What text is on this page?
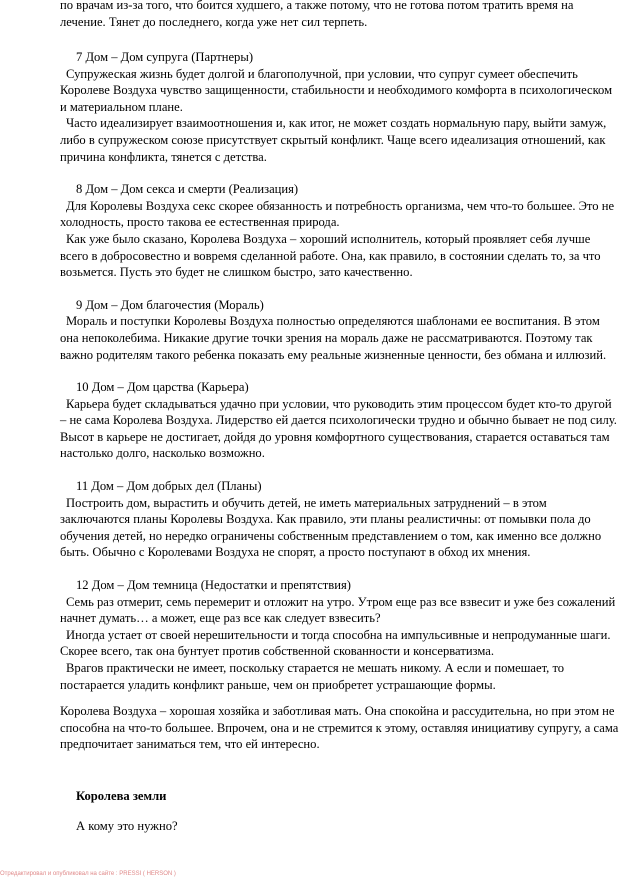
по врачам из-за того, что боится худшего, а также потому, что не готова потом тратить время на
лечение. Тянет до последнего, когда уже нет сил терпеть.

7 Дом – Дом супруга (Партнеры)

Супружеская жизнь будет долгой и благополучной, при условии, что супруг сумеет обеспечить
Королеве Воздуха чувство защищенности, стабильности и необходимого комфорта в психологическом
и материальном плане.

Часто идеализирует взаимоотношения и, как итог, не может создать нормальную пару, выйти замуж,
либо в супружеском союзе присутствует скрытый конфликт. Чаще всего идеализация отношений, как
причина конфликта, тянется с детства.

8 Дом – Дом секса и смерти (Реализация)

Для Королевы Воздуха секс скорее обязанность и потребность организма, чем что-то большее. Это не
холодность, просто такова ее естественная природа.

Как уже было сказано, Королева Воздуха – хороший исполнитель, который проявляет себя лучше
всего в добросовестно и вовремя сделанной работе. Она, как правило, в состоянии сделать то, за что
возьмется. Пусть это будет не слишком быстро, зато качественно.

9 Дом – Дом благочестия (Мораль)

Мораль и поступки Королевы Воздуха полностью определяются шаблонами ее воспитания. В этом
она непоколебима. Никакие другие точки зрения на мораль даже не рассматриваются. Поэтому так
важно родителям такого ребенка показать ему реальные жизненные ценности, без обмана и иллюзий.

10 Дом – Дом царства (Карьера)

Карьера будет складываться удачно при условии, что руководить этим процессом будет кто-то другой
– не сама Королева Воздуха. Лидерство ей дается психологически трудно и обычно бывает не под силу.
Высот в карьере не достигает, дойдя до уровня комфортного существования, старается оставаться там
настолько долго, насколько возможно.

11 Дом – Дом добрых дел (Планы)

Построить дом, вырастить и обучить детей, не иметь материальных затруднений – в этом
заключаются планы Королевы Воздуха. Как правило, эти планы реалистичны: от помывки пола до
обучения детей, но нередко ограничены собственным представлением о том, как именно все должно
быть. Обычно с Королевами Воздуха не спорят, а просто поступают в обход их мнения.

12 Дом – Дом темница (Недостатки и препятствия)

Семь раз отмерит, семь перемерит и отложит на утро. Утром еще раз все взвесит и уже без сожалений
начнет думать… а может, еще раз все как следует взвесить?

Иногда устает от своей нерешительности и тогда способна на импульсивные и непродуманные шаги.
Скорее всего, так она бунтует против собственной скованности и консерватизма.

Врагов практически не имеет, поскольку старается не мешать никому. А если и помешает, то
постарается уладить конфликт раньше, чем он приобретет устрашающие формы.

Королева Воздуха – хорошая хозяйка и заботливая мать. Она спокойна и рассудительна, но при этом не
способна на что-то большее. Впрочем, она и не стремится к этому, оставляя инициативу супругу, а сама
предпочитает заниматься тем, что ей интересно.

Королева земли
А кому это нужно?
Отредактировал и опубликовал на сайте : PRESSI ( HERSON )
